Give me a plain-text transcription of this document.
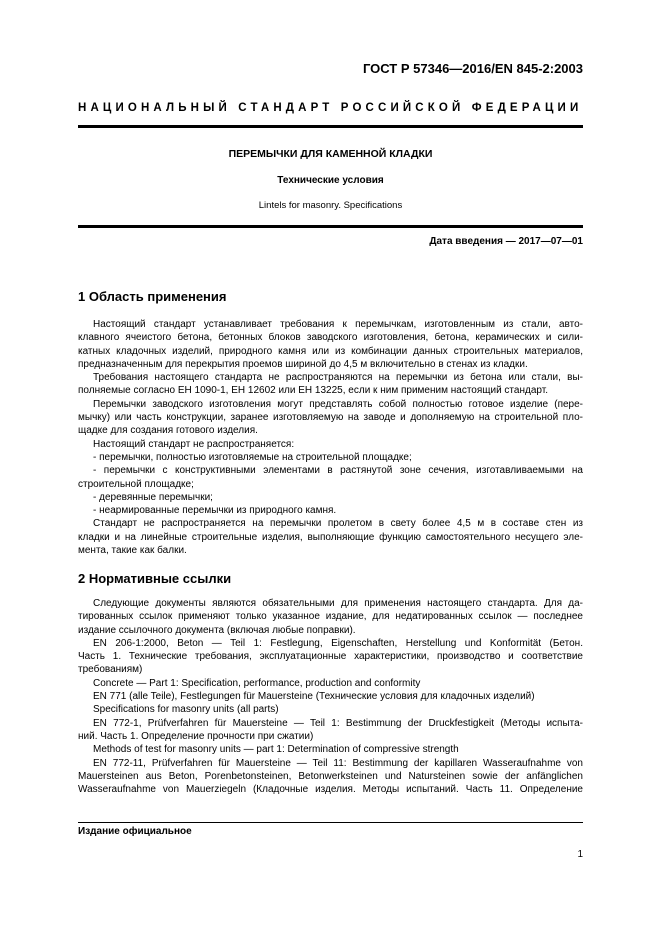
ГОСТ Р 57346—2016/EN 845-2:2003
НАЦИОНАЛЬНЫЙ СТАНДАРТ РОССИЙСКОЙ ФЕДЕРАЦИИ
ПЕРЕМЫЧКИ ДЛЯ КАМЕННОЙ КЛАДКИ
Технические условия
Lintels for masonry. Specifications
Дата введения — 2017—07—01
1 Область применения
Настоящий стандарт устанавливает требования к перемычкам, изготовленным из стали, авто-
клавного ячеистого бетона, бетонных блоков заводского изготовления, бетона, керамических и сили-
катных кладочных изделий, природного камня или из комбинации данных строительных материалов,
предназначенным для перекрытия проемов шириной до 4,5 м включительно в стенах из кладки.
Требования настоящего стандарта не распространяются на перемычки из бетона или стали, вы-
полняемые согласно ЕН 1090-1, ЕН 12602 или ЕН 13225, если к ним применим настоящий стандарт.
Перемычки заводского изготовления могут представлять собой полностью готовое изделие (пере-
мычку) или часть конструкции, заранее изготовляемую на заводе и дополняемую на строительной пло-
щадке для создания готового изделия.
Настоящий стандарт не распространяется:
- перемычки, полностью изготовляемые на строительной площадке;
- перемычки с конструктивными элементами в растянутой зоне сечения, изготавливаемыми на
строительной площадке;
- деревянные перемычки;
- неармированные перемычки из природного камня.
Стандарт не распространяется на перемычки пролетом в свету более 4,5 м в составе стен из
кладки и на линейные строительные изделия, выполняющие функцию самостоятельного несущего эле-
мента, такие как балки.
2 Нормативные ссылки
Следующие документы являются обязательными для применения настоящего стандарта. Для да-
тированных ссылок применяют только указанное издание, для недатированных ссылок — последнее
издание ссылочного документа (включая любые поправки).
EN 206-1:2000, Beton — Teil 1: Festlegung, Eigenschaften, Herstellung und Konformität (Бетон.
Часть 1. Технические требования, эксплуатационные характеристики, производство и соответствие
требованиям)
Concrete — Part 1: Specification, performance, production and conformity
EN 771 (alle Teile), Festlegungen für Mauersteine (Технические условия для кладочных изделий)
Specifications for masonry units (all parts)
EN 772-1, Prüfverfahren für Mauersteine — Teil 1: Bestimmung der Druckfestigkeit (Методы испыта-
ний. Часть 1. Определение прочности при сжатии)
Methods of test for masonry units — part 1: Determination of compressive strength
EN 772-11, Prüfverfahren für Mauersteine — Teil 11: Bestimmung der kapillaren Wasseraufnahme von
Mauersteinen aus Beton, Porenbetonsteinen, Betonwerksteinen und Natursteinen sowie der anfänglichen
Wasseraufnahme von Mauerziegeln (Кладочные изделия. Методы испытаний. Часть 11. Определение
Издание официальное
1
